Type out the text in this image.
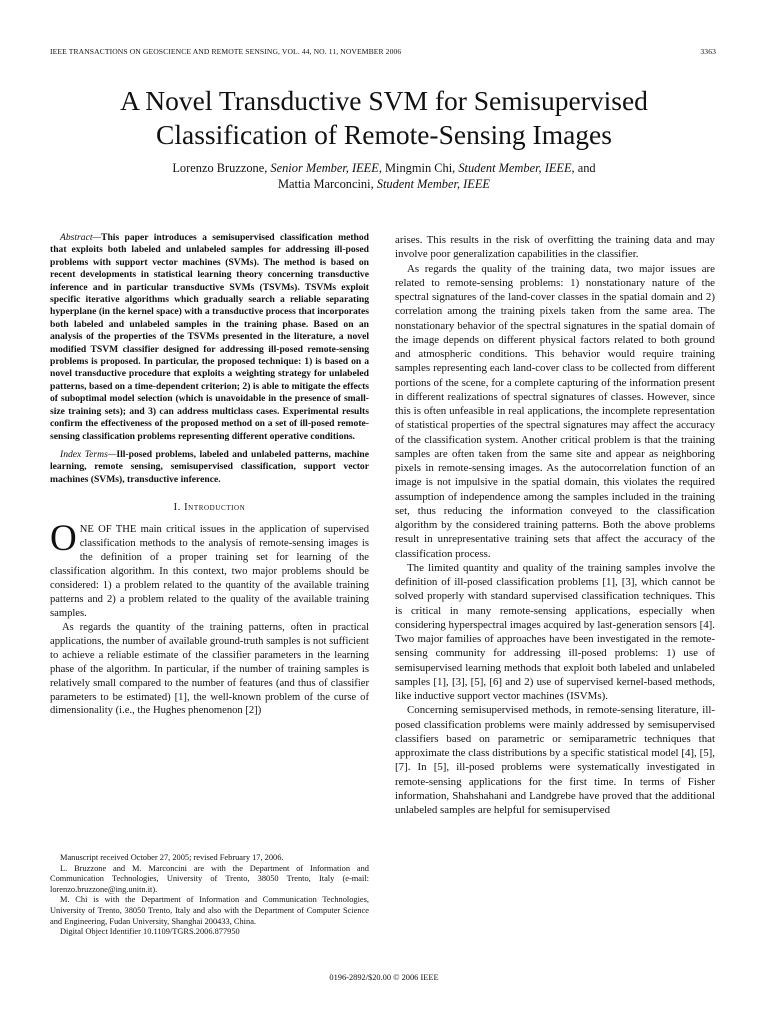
IEEE TRANSACTIONS ON GEOSCIENCE AND REMOTE SENSING, VOL. 44, NO. 11, NOVEMBER 2006	3363
A Novel Transductive SVM for Semisupervised
Classification of Remote-Sensing Images
Lorenzo Bruzzone, Senior Member, IEEE, Mingmin Chi, Student Member, IEEE, and
Mattia Marconcini, Student Member, IEEE

Abstract—This paper introduces a semisupervised classification method that exploits both labeled and unlabeled samples for addressing ill-posed problems with support vector machines (SVMs). The method is based on recent developments in statistical learning theory concerning transductive inference and in particular transductive SVMs (TSVMs). TSVMs exploit specific iterative algorithms which gradually search a reliable separating hyperplane (in the kernel space) with a transductive process that incorporates both labeled and unlabeled samples in the training phase. Based on an analysis of the properties of the TSVMs presented in the literature, a novel modified TSVM classifier designed for addressing ill-posed remote-sensing problems is proposed. In particular, the proposed technique: 1) is based on a novel transductive procedure that exploits a weighting strategy for unlabeled patterns, based on a time-dependent criterion; 2) is able to mitigate the effects of suboptimal model selection (which is unavoidable in the presence of small-size training sets); and 3) can address multiclass cases. Experimental results confirm the effectiveness of the proposed method on a set of ill-posed remote-sensing classification problems representing different operative conditions.

Index Terms—Ill-posed problems, labeled and unlabeled patterns, machine learning, remote sensing, semisupervised classification, support vector machines (SVMs), transductive inference.

I. Introduction

ONE OF THE main critical issues in the application of supervised classification methods to the analysis of remote-sensing images is the definition of a proper training set for learning of the classification algorithm. In this context, two major problems should be considered: 1) a problem related to the quantity of the available training patterns and 2) a problem related to the quality of the available training samples.

As regards the quantity of the training patterns, often in practical applications, the number of available ground-truth samples is not sufficient to achieve a reliable estimate of the classifier parameters in the learning phase of the algorithm. In particular, if the number of training samples is relatively small compared to the number of features (and thus of classifier parameters to be estimated) [1], the well-known problem of the curse of dimensionality (i.e., the Hughes phenomenon [2])

Manuscript received October 27, 2005; revised February 17, 2006.

L. Bruzzone and M. Marconcini are with the Department of Information and Communication Technologies, University of Trento, 38050 Trento, Italy (e-mail: lorenzo.bruzzone@ing.unitn.it).

M. Chi is with the Department of Information and Communication Technologies, University of Trento, 38050 Trento, Italy and also with the Department of Computer Science and Engineering, Fudan University, Shanghai 200433, China.

Digital Object Identifier 10.1109/TGRS.2006.877950

arises. This results in the risk of overfitting the training data and may involve poor generalization capabilities in the classifier.

As regards the quality of the training data, two major issues are related to remote-sensing problems: 1) nonstationary nature of the spectral signatures of the land-cover classes in the spatial domain and 2) correlation among the training pixels taken from the same area. The nonstationary behavior of the spectral signatures in the spatial domain of the image depends on different physical factors related to both ground and atmospheric conditions. This behavior would require training samples representing each land-cover class to be collected from different portions of the scene, for a complete capturing of the information present in different realizations of spectral signatures of classes. However, since this is often unfeasible in real applications, the incomplete representation of statistical properties of the spectral signatures may affect the accuracy of the classification system. Another critical problem is that the training samples are often taken from the same site and appear as neighboring pixels in remote-sensing images. As the autocorrelation function of an image is not impulsive in the spatial domain, this violates the required assumption of independence among the samples included in the training set, thus reducing the information conveyed to the classification algorithm by the considered training patterns. Both the above problems result in unrepresentative training sets that affect the accuracy of the classification process.

The limited quantity and quality of the training samples involve the definition of ill-posed classification problems [1], [3], which cannot be solved properly with standard supervised classification techniques. This is critical in many remote-sensing applications, especially when considering hyperspectral images acquired by last-generation sensors [4]. Two major families of approaches have been investigated in the remote-sensing community for addressing ill-posed problems: 1) use of semisupervised learning methods that exploit both labeled and unlabeled samples [1], [3], [5], [6] and 2) use of supervised kernel-based methods, like inductive support vector machines (ISVMs).

Concerning semisupervised methods, in remote-sensing literature, ill-posed classification problems were mainly addressed by semisupervised classifiers based on parametric or semiparametric techniques that approximate the class distributions by a specific statistical model [4], [5], [7]. In [5], ill-posed problems were systematically investigated in remote-sensing applications for the first time. In terms of Fisher information, Shahshahani and Landgrebe have proved that the additional unlabeled samples are helpful for semisupervised

0196-2892/$20.00 © 2006 IEEE
